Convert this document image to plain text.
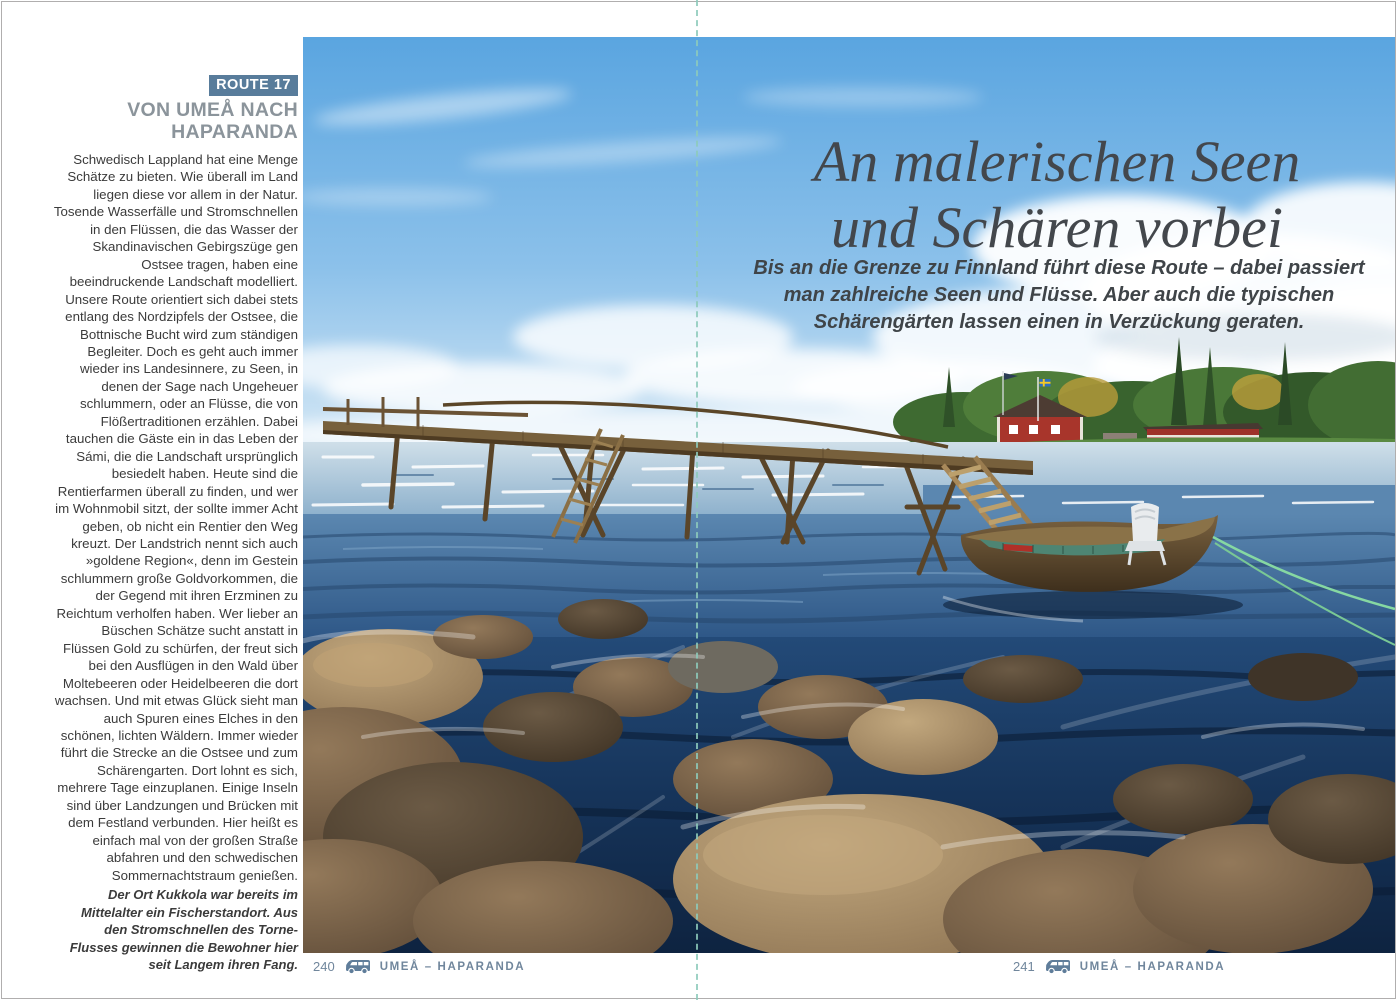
ROUTE 17
VON UMEÅ NACH HAPARANDA

Schwedisch Lappland hat eine Menge Schätze zu bieten. Wie überall im Land liegen diese vor allem in der Natur. Tosende Wasserfälle und Stromschnellen in den Flüssen, die das Wasser der Skandinavischen Gebirgszüge gen Ostsee tragen, haben eine beeindruckende Landschaft modelliert. Unsere Route orientiert sich dabei stets entlang des Nordzipfels der Ostsee, die Bottnische Bucht wird zum ständigen Begleiter. Doch es geht auch immer wieder ins Landesinnere, zu Seen, in denen der Sage nach Ungeheuer schlummern, oder an Flüsse, die von Flößertraditionen erzählen. Dabei tauchen die Gäste ein in das Leben der Sámi, die die Landschaft ursprünglich besiedelt haben. Heute sind die Rentierfarmen überall zu finden, und wer im Wohnmobil sitzt, der sollte immer Acht geben, ob nicht ein Rentier den Weg kreuzt. Der Landstrich nennt sich auch »goldene Region«, denn im Gestein schlummern große Goldvorkommen, die der Gegend mit ihren Erzminen zu Reichtum verholfen haben. Wer lieber an Büschen Schätze sucht anstatt in Flüssen Gold zu schürfen, der freut sich bei den Ausflügen in den Wald über Moltebeeren oder Heidelbeeren die dort wachsen. Und mit etwas Glück sieht man auch Spuren eines Elches in den schönen, lichten Wäldern. Immer wieder führt die Strecke an die Ostsee und zum Schärengarten. Dort lohnt es sich, mehrere Tage einzuplanen. Einige Inseln sind über Landzungen und Brücken mit dem Festland verbunden. Hier heißt es einfach mal von der großen Straße abfahren und den schwedischen Sommernachtstraum genießen.

Der Ort Kukkola war bereits im Mittelalter ein Fischerstandort. Aus den Stromschnellen des Torne-Flusses gewinnen die Bewohner hier seit Langem ihren Fang.

An malerischen Seen
und Schären vorbei
Bis an die Grenze zu Finnland führt diese Route – dabei passiert
man zahlreiche Seen und Flüsse. Aber auch die typischen
Schärengärten lassen einen in Verzückung geraten.
240	UMEÅ – HAPARANDA	241	UMEÅ – HAPARANDA
